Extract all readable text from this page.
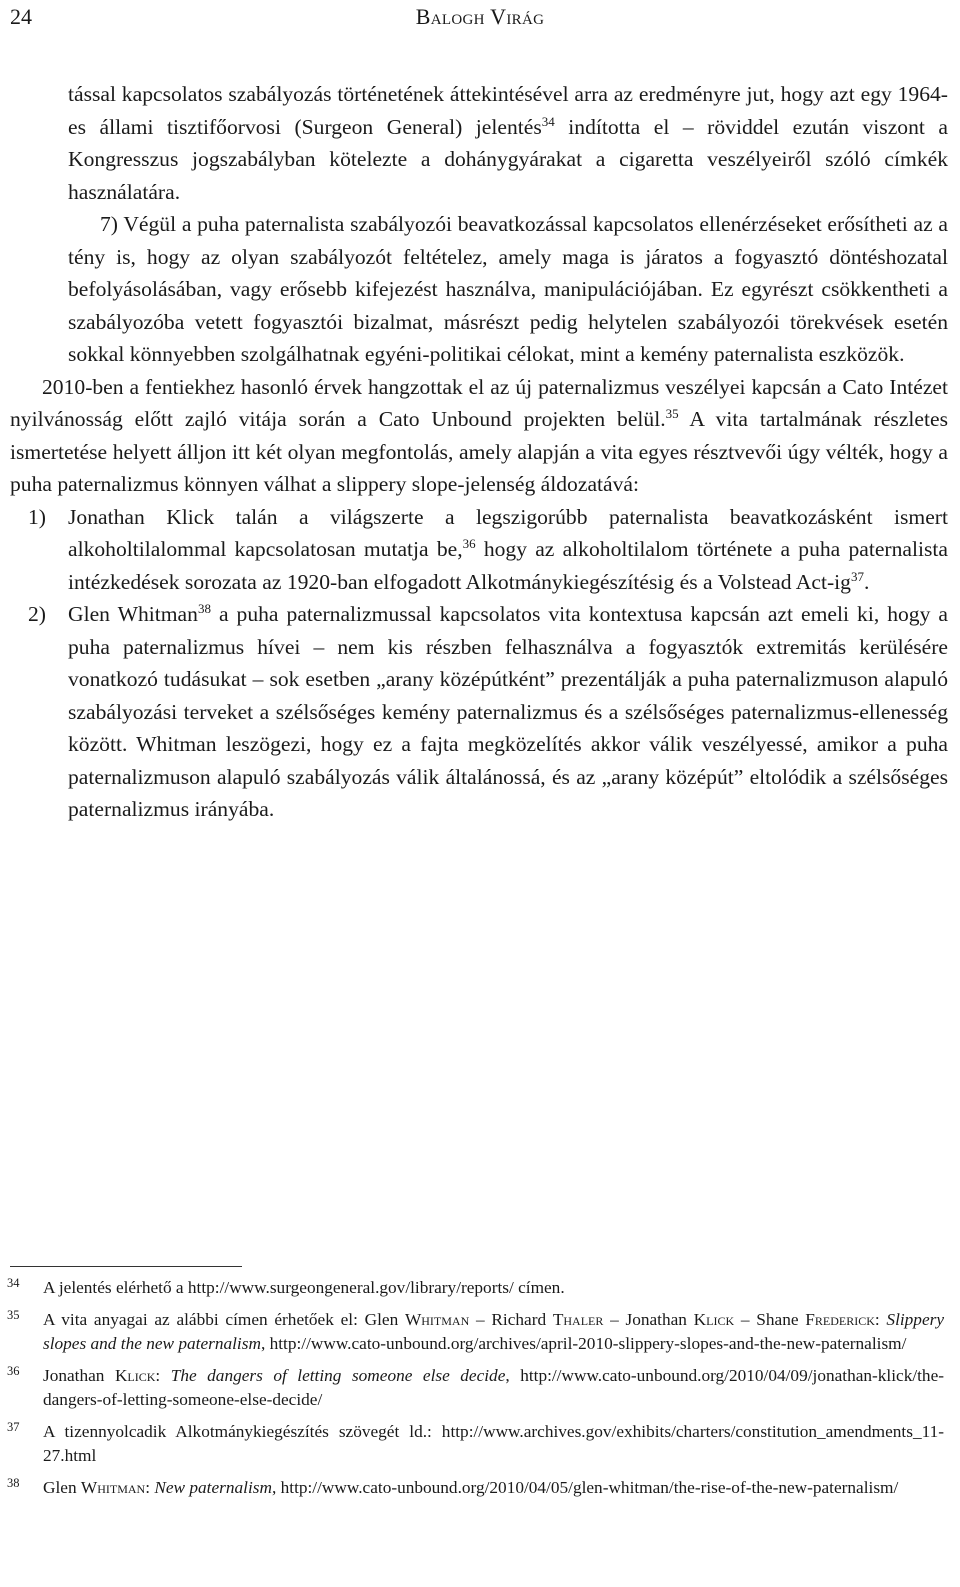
24	Balogh Virág

tással kapcsolatos szabályozás történetének áttekintésével arra az eredményre jut, hogy azt egy 1964-es állami tisztifőorvosi (Surgeon General) jelentés$^{34}$ indította el – röviddel ezután viszont a Kongresszus jogszabályban kötelezte a dohánygyárakat a cigaretta veszélyeiről szóló címkék használatára.

7) Végül a puha paternalista szabályozói beavatkozással kapcsolatos ellenérzéseket erősítheti az a tény is, hogy az olyan szabályozót feltételez, amely maga is járatos a fogyasztó döntéshozatal befolyásolásában, vagy erősebb kifejezést használva, manipulációjában. Ez egyrészt csökkentheti a szabályozóba vetett fogyasztói bizalmat, másrészt pedig helytelen szabályozói törekvések esetén sokkal könnyebben szolgálhatnak egyéni-politikai célokat, mint a kemény paternalista eszközök.

2010-ben a fentiekhez hasonló érvek hangzottak el az új paternalizmus veszélyei kapcsán a Cato Intézet nyilvánosság előtt zajló vitája során a Cato Unbound projekten belül.$^{35}$ A vita tartalmának részletes ismertetése helyett álljon itt két olyan megfontolás, amely alapján a vita egyes résztvevői úgy vélték, hogy a puha paternalizmus könnyen válhat a slippery slope-jelenség áldozatává:

1) Jonathan Klick talán a világszerte a legszigorúbb paternalista beavatkozásként ismert alkoholtilalommal kapcsolatosan mutatja be,$^{36}$ hogy az alkoholtilalom története a puha paternalista intézkedések sorozata az 1920-ban elfogadott Alkotmánykiegészítésig és a Volstead Act-$ig^{37}$.

2) Glen Whitman$^{38}$ a puha paternalizmussal kapcsolatos vita kontextusa kapcsán azt emeli ki, hogy a puha paternalizmus hívei – nem kis részben felhasználva a fogyasztók extremitás kerülésére vonatkozó tudásukat – sok esetben „arany középútként” prezentálják a puha paternalizmuson alapuló szabályozási terveket a szélsőséges kemény paternalizmus és a szélsőséges paternalizmus-ellenesség között. Whitman leszögezi, hogy ez a fajta megközelítés akkor válik veszélyessé, amikor a puha paternalizmuson alapuló szabályozás válik általánossá, és az „arany középút” eltolódik a szélsőséges paternalizmus irányába.

34 A jelentés elérhető a http://www.surgeongeneral.gov/library/reports/ címen.
35 A vita anyagai az alábbi címen érhetőek el: Glen Whitman – Richard Thaler – Jonathan Klick – Shane Frederick: Slippery slopes and the new paternalism, http://www.cato-unbound.org/archives/april-2010-slippery-slopes-and-the-new-paternalism/
36 Jonathan Klick: The dangers of letting someone else decide, http://www.cato-unbound.org/2010/04/09/jonathan-klick/the-dangers-of-letting-someone-else-decide/
37 A tizennyolcadik Alkotmánykiegészítés szövegét ld.: http://www.archives.gov/exhibits/charters/constitution_amendments_11-27.html
38 Glen Whitman: New paternalism, http://www.cato-unbound.org/2010/04/05/glen-whitman/the-rise-of-the-new-paternalism/
